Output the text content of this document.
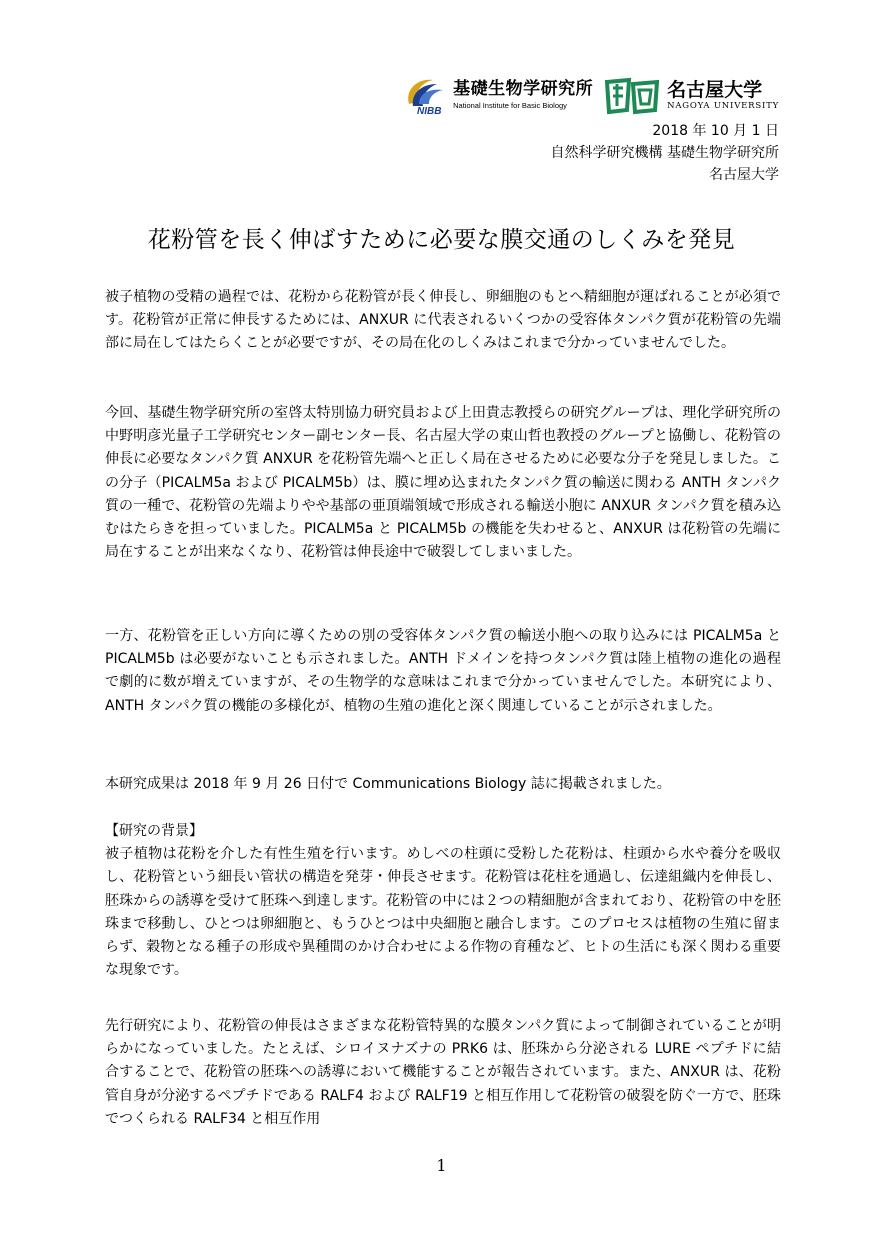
NIBB
基礎生物学研究所
National Institute for Basic Biology
名古屋大学
NAGOYA UNIVERSITY
2018 年 10 月 1 日
自然科学研究機構 基礎生物学研究所
名古屋大学
花粉管を長く伸ばすために必要な膜交通のしくみを発見

被子植物の受精の過程では、花粉から花粉管が長く伸長し、卵細胞のもとへ精細胞が運ばれることが必須です。花粉管が正常に伸長するためには、ANXUR に代表されるいくつかの受容体タンパク質が花粉管の先端部に局在してはたらくことが必要ですが、その局在化のしくみはこれまで分かっていませんでした。

今回、基礎生物学研究所の室啓太特別協力研究員および上田貴志教授らの研究グループは、理化学研究所の中野明彦光量子工学研究センター副センター長、名古屋大学の東山哲也教授のグループと協働し、花粉管の伸長に必要なタンパク質 ANXUR を花粉管先端へと正しく局在させるために必要な分子を発見しました。この分子（PICALM5a および PICALM5b）は、膜に埋め込まれたタンパク質の輸送に関わる ANTH タンパク質の一種で、花粉管の先端よりやや基部の亜頂端領域で形成される輸送小胞に ANXUR タンパク質を積み込むはたらきを担っていました。PICALM5a と PICALM5b の機能を失わせると、ANXUR は花粉管の先端に局在することが出来なくなり、花粉管は伸長途中で破裂してしまいました。

一方、花粉管を正しい方向に導くための別の受容体タンパク質の輸送小胞への取り込みには PICALM5a と PICALM5b は必要がないことも示されました。ANTH ドメインを持つタンパク質は陸上植物の進化の過程で劇的に数が増えていますが、その生物学的な意味はこれまで分かっていませんでした。本研究により、ANTH タンパク質の機能の多様化が、植物の生殖の進化と深く関連していることが示されました。

本研究成果は 2018 年 9 月 26 日付で Communications Biology 誌に掲載されました。

【研究の背景】

被子植物は花粉を介した有性生殖を行います。めしべの柱頭に受粉した花粉は、柱頭から水や養分を吸収し、花粉管という細長い管状の構造を発芽・伸長させます。花粉管は花柱を通過し、伝達組織内を伸長し、胚珠からの誘導を受けて胚珠へ到達します。花粉管の中には２つの精細胞が含まれており、花粉管の中を胚珠まで移動し、ひとつは卵細胞と、もうひとつは中央細胞と融合します。このプロセスは植物の生殖に留まらず、穀物となる種子の形成や異種間のかけ合わせによる作物の育種など、ヒトの生活にも深く関わる重要な現象です。

先行研究により、花粉管の伸長はさまざまな花粉管特異的な膜タンパク質によって制御されていることが明らかになっていました。たとえば、シロイヌナズナの PRK6 は、胚珠から分泌される LURE ペプチドに結合することで、花粉管の胚珠への誘導において機能することが報告されています。また、ANXUR は、花粉管自身が分泌するペプチドである RALF4 および RALF19 と相互作用して花粉管の破裂を防ぐ一方で、胚珠でつくられる RALF34 と相互作用

1
